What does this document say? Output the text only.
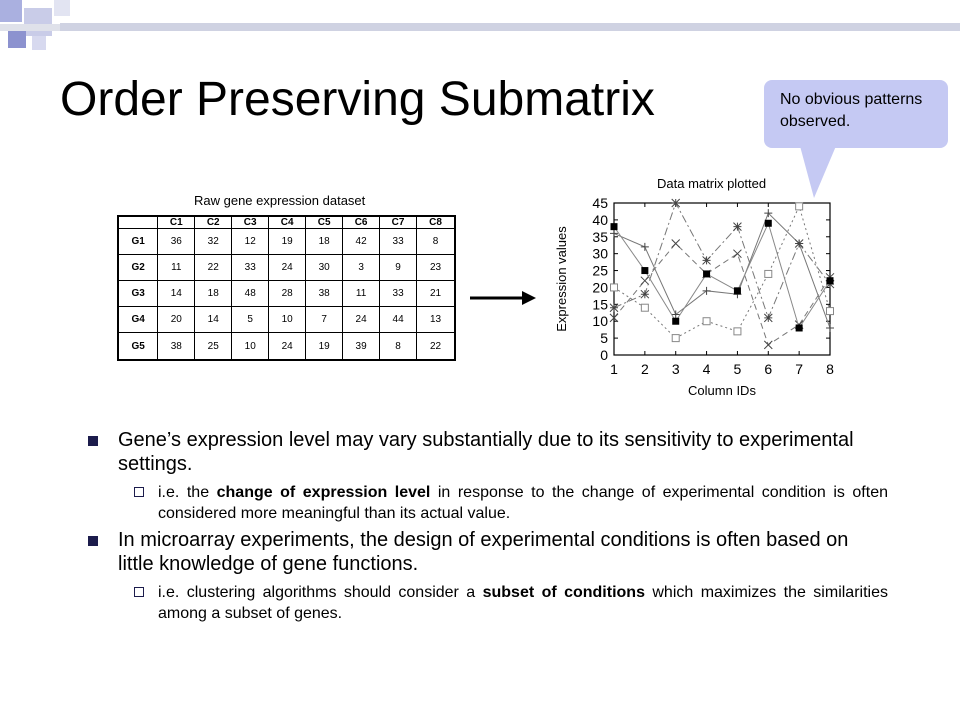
Order Preserving Submatrix	No obvious patterns observed.
Raw gene expression dataset
	C1	C2	C3	C4	C5	C6	C7	C8
G1	36	32	12	19	18	42	33	8
G2	11	22	33	24	30	3	9	23
G3	14	18	48	28	38	11	33	21
G4	20	14	5	10	7	24	44	13
G5	38	25	10	24	19	39	8	22
Data matrix plotted
0
5
10
15
20
25
30
35
40
45
1 2 3 4 5 6 7 8
Column IDs
Expression values
Gene’s expression level may vary substantially due to its sensitivity to experimental settings.
i.e. the change of expression level in response to the change of experimental condition is often considered more meaningful than its actual value.
In microarray experiments, the design of experimental conditions is often based on little knowledge of gene functions.
i.e. clustering algorithms should consider a subset of conditions which maximizes the similarities among a subset of genes.
